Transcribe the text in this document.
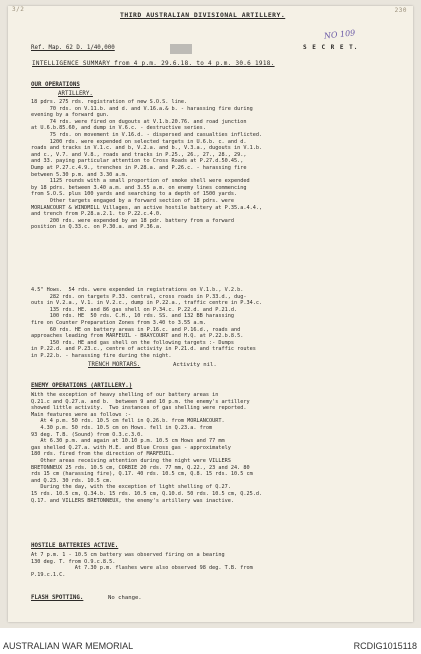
3/2	230
THIRD AUSTRALIAN DIVISIONAL ARTILLERY.
Ref. Map. 62 D. 1/40,000	S E C R E T.
NO 109
INTELLIGENCE SUMMARY from 4 p.m. 29.6.18. to 4 p.m. 30.6 1918.
OUR OPERATIONS
ARTILLERY.
18 pdrs. 275 rds. registration of new S.O.S. line.
70 rds. on V.11.b. and d. and V.16.a.& b. - harassing fire during
evening by a forward gun.
74 rds. were fired on dugouts at V.1.b.20.76. and road junction
at U.6.b.85.60, and dump in V.6.c. - destructive series.
75 rds. on movement in V.16.d. - dispersed and casualties inflicted.
1200 rds. were expended on selected targets in U.6.b. c. and d.
roads and tracks in V.1.c. and b, V.2.a. and b., V.3.a., dugouts in V.1.b.
and c., V.7. and V.8., roads and tracks in P.25., 26., 27., 28., 29.,
and 33. paying particular attention to Cross Roads at P.27.d.50.45.,
Dump at P.27.c.4.9., trenches in P.28.a. and P.26.c. - harassing fire
between 5.30 p.m. and 3.30 a.m.
1125 rounds with a small proportion of smoke shell were expended
by 18 pdrs. between 3.40 a.m. and 3.55 a.m. on enemy lines commencing
from S.O.S. plus 100 yards and searching to a depth of 1500 yards.
Other targets engaged by a forward section of 18 pdrs. were
MORLANCOURT & WINDMILL Villages, an active hostile battery at P.35.a.4.4.,
and trench from P.28.a.2.1. to P.22.c.4.0.
200 rds. were expended by an 18 pdr. battery from a forward
position in Q.33.c. on P.30.a. and P.36.a.
4.5" Hows.  54 rds. were expended in registrations on V.1.b., V.2.b.
282 rds. on targets P.33. central, cross roads in P.33.d., dug-
outs in V.2.a., V.1. in V.2.c., dump in P.22.a., traffic centre in P.34.c.
135 rds. HE. and 86 gas shell on P.34.c. P.22.d. and P.21.d.
100 rds. HE  50 rds. C.H., 10 rds. SS. and 132 BB harassing
fire on Counter Preparation Zones from 3.40 to 3.55 a.m.
60 rds. HE on battery areas in P.16.c. and P.16.d., roads and
approaches leading from MARFEUIL - BRAYCOURT and H.Q. at P.22.b.8.5.
150 rds. HE and gas shell on the following targets :- Dumps
in P.22.d. and P.23.c., centre of activity in P.21.d. and traffic routes
in P.22.b. - harassing fire during the night.
TRENCH MORTARS.	Activity nil.
ENEMY OPERATIONS (ARTILLERY.)
With the exception of heavy shelling of our battery areas in
Q.21.c and Q.27.a. and b.  between 9 and 10 p.m. the enemy's artillery
showed little activity.  Two instances of gas shelling were reported.
Main features were as follows :-
At 4 p.m. 50 rds. 10.5 cm fell in Q.26.b. from MORLANCOURT.
4.30 p.m. 50 rds. 10.5 cm on Hows. fell in Q.23.a. from
93 deg. T.B. (Sound) from O.3.c.3.0.
At 6.30 p.m. and again at 10.10 p.m. 10.5 cm Hows and 77 mm
gas shelled Q.27.a. with H.E. and Blue Cross gas - approximately
180 rds. fired from the direction of MARFEUIL.
Other areas receiving attention during the night were VILLERS
BRETONNEUX 25 rds. 10.5 cm, CORBIE 20 rds. 77 mm, Q.22., 23 and 24. 80
rds 15 cm (harassing fire), Q.17. 40 rds. 10.5 cm, Q.8. 15 rds. 10.5 cm
and Q.23. 30 rds. 10.5 cm.
During the day, with the exception of light shelling of Q.27.
15 rds. 10.5 cm, Q.34.b. 15 rds. 10.5 cm, Q.10.d. 50 rds. 10.5 cm, Q.25.d.
Q.17. and VILLERS BRETONNEUX, the enemy's artillery was inactive.
HOSTILE BATTERIES ACTIVE.
At 7 p.m. 1 - 10.5 cm battery was observed firing on a bearing
130 deg. T. from O.9.c.8.5.
At 7.30 p.m. flashes were also observed 98 deg. T.B. from
P.19.c.1.C.
FLASH SPOTTING.	No change.
AUSTRALIAN WAR MEMORIAL	RCDIG1015118
